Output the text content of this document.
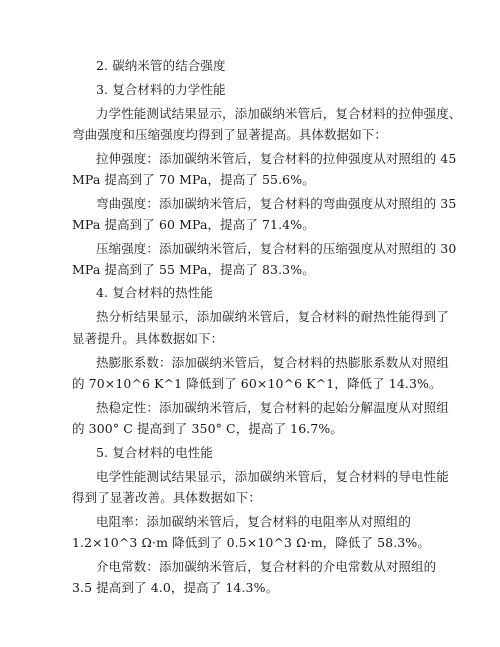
2. 碳纳米管的结合强度
3. 复合材料的力学性能
力学性能测试结果显示，添加碳纳米管后，复合材料的拉伸强度、
弯曲强度和压缩强度均得到了显著提高。具体数据如下：
拉伸强度：添加碳纳米管后，复合材料的拉伸强度从对照组的 45
MPa 提高到了 70 MPa，提高了 55.6%。
弯曲强度：添加碳纳米管后，复合材料的弯曲强度从对照组的 35
MPa 提高到了 60 MPa，提高了 71.4%。
压缩强度：添加碳纳米管后，复合材料的压缩强度从对照组的 30
MPa 提高到了 55 MPa，提高了 83.3%。
4. 复合材料的热性能
热分析结果显示，添加碳纳米管后，复合材料的耐热性能得到了
显著提升。具体数据如下：
热膨胀系数：添加碳纳米管后，复合材料的热膨胀系数从对照组
的 70×10^6 K^1 降低到了 60×10^6 K^1，降低了 14.3%。
热稳定性：添加碳纳米管后，复合材料的起始分解温度从对照组
的 300° C 提高到了 350° C，提高了 16.7%。
5. 复合材料的电性能
电学性能测试结果显示，添加碳纳米管后，复合材料的导电性能
得到了显著改善。具体数据如下：
电阻率：添加碳纳米管后，复合材料的电阻率从对照组的
1.2×10^3 Ω·m 降低到了 0.5×10^3 Ω·m，降低了 58.3%。
介电常数：添加碳纳米管后，复合材料的介电常数从对照组的
3.5 提高到了 4.0，提高了 14.3%。
